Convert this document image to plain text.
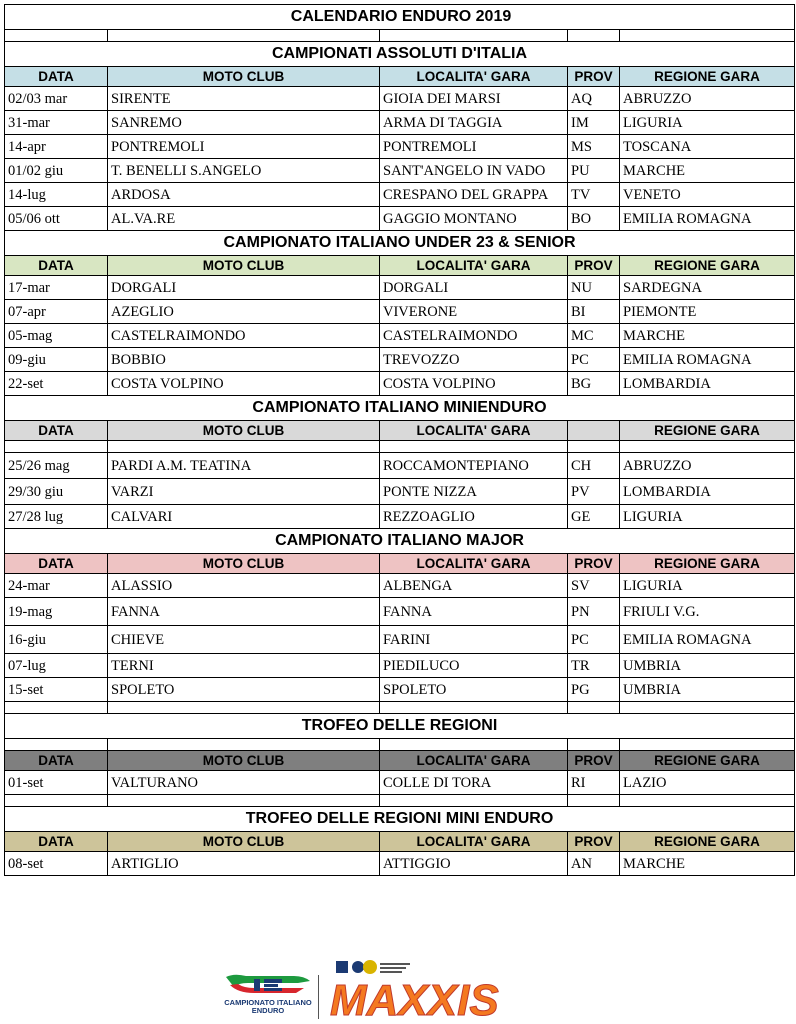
CALENDARIO ENDURO 2019				

CAMPIONATI ASSOLUTI D'ITALIA				
DATA	MOTO CLUB	LOCALITA' GARA	PROV	REGIONE GARA
02/03 mar	SIRENTE	GIOIA DEI MARSI	AQ	ABRUZZO
31-mar	SANREMO	ARMA DI TAGGIA	IM	LIGURIA
14-apr	PONTREMOLI	PONTREMOLI	MS	TOSCANA
01/02 giu	T. BENELLI S.ANGELO	SANT'ANGELO IN VADO	PU	MARCHE
14-lug	ARDOSA	CRESPANO DEL GRAPPA	TV	VENETO
05/06 ott	AL.VA.RE	GAGGIO MONTANO	BO	EMILIA ROMAGNA
CAMPIONATO ITALIANO UNDER 23 & SENIOR				
DATA	MOTO CLUB	LOCALITA' GARA	PROV	REGIONE GARA
17-mar	DORGALI	DORGALI	NU	SARDEGNA
07-apr	AZEGLIO	VIVERONE	BI	PIEMONTE
05-mag	CASTELRAIMONDO	CASTELRAIMONDO	MC	MARCHE
09-giu	BOBBIO	TREVOZZO	PC	EMILIA ROMAGNA
22-set	COSTA VOLPINO	COSTA VOLPINO	BG	LOMBARDIA
CAMPIONATO ITALIANO MINIENDURO				
DATA	MOTO CLUB	LOCALITA' GARA		REGIONE GARA

25/26 mag	PARDI A.M. TEATINA	ROCCAMONTEPIANO	CH	ABRUZZO
29/30 giu	VARZI	PONTE NIZZA	PV	LOMBARDIA
27/28 lug	CALVARI	REZZOAGLIO	GE	LIGURIA
CAMPIONATO ITALIANO MAJOR				
DATA	MOTO CLUB	LOCALITA' GARA	PROV	REGIONE GARA
24-mar	ALASSIO	ALBENGA	SV	LIGURIA
19-mag	FANNA	FANNA	PN	FRIULI V.G.
16-giu	CHIEVE	FARINI	PC	EMILIA ROMAGNA
07-lug	TERNI	PIEDILUCO	TR	UMBRIA
15-set	SPOLETO	SPOLETO	PG	UMBRIA

TROFEO DELLE REGIONI				

DATA	MOTO CLUB	LOCALITA' GARA	PROV	REGIONE GARA
01-set	VALTURANO	COLLE DI TORA	RI	LAZIO

TROFEO DELLE REGIONI MINI ENDURO				
DATA	MOTO CLUB	LOCALITA' GARA	PROV	REGIONE GARA
08-set	ARTIGLIO	ATTIGGIO	AN	MARCHE
CAMPIONATO ITALIANO ENDURO	MAXXIS
